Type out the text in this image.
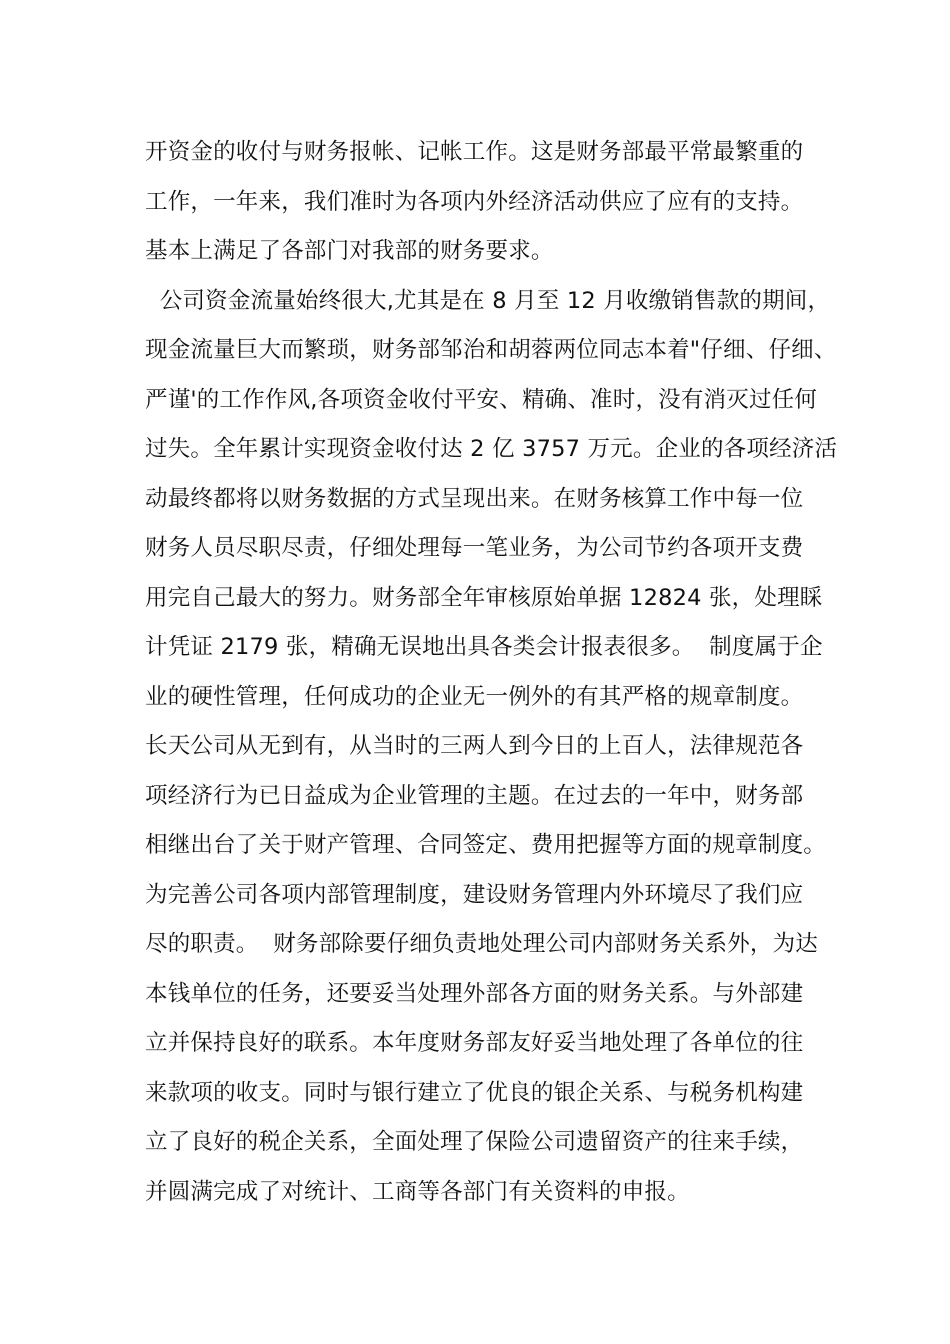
开资金的收付与财务报帐、记帐工作。这是财务部最平常最繁重的
工作，一年来，我们准时为各项内外经济活动供应了应有的支持。
基本上满足了各部门对我部的财务要求。
公司资金流量始终很大,尤其是在 8 月至 12 月收缴销售款的期间，
现金流量巨大而繁琐，财务部邹治和胡蓉两位同志本着"仔细、仔细、
严谨'的工作作风,各项资金收付平安、精确、准时，没有消灭过任何
过失。全年累计实现资金收付达 2 亿 3757 万元。企业的各项经济活
动最终都将以财务数据的方式呈现出来。在财务核算工作中每一位
财务人员尽职尽责，仔细处理每一笔业务，为公司节约各项开支费
用完自己最大的努力。财务部全年审核原始单据 12824 张，处理睬
计凭证 2179 张，精确无误地出具各类会计报表很多。  制度属于企
业的硬性管理，任何成功的企业无一例外的有其严格的规章制度。
长天公司从无到有，从当时的三两人到今日的上百人，法律规范各
项经济行为已日益成为企业管理的主题。在过去的一年中，财务部
相继出台了关于财产管理、合同签定、费用把握等方面的规章制度。
为完善公司各项内部管理制度，建设财务管理内外环境尽了我们应
尽的职责。  财务部除要仔细负责地处理公司内部财务关系外，为达
本钱单位的任务，还要妥当处理外部各方面的财务关系。与外部建
立并保持良好的联系。本年度财务部友好妥当地处理了各单位的往
来款项的收支。同时与银行建立了优良的银企关系、与税务机构建
立了良好的税企关系，全面处理了保险公司遗留资产的往来手续，
并圆满完成了对统计、工商等各部门有关资料的申报。
